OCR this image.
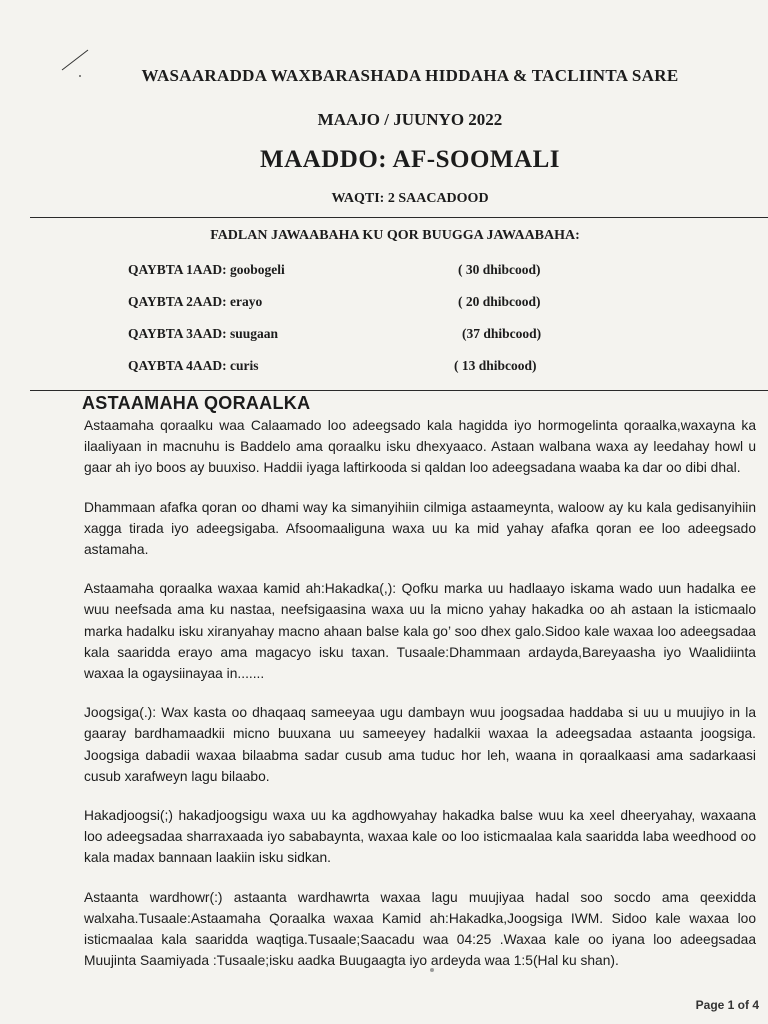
WASAARADDA WAXBARASHADA HIDDAHA & TACLIINTA SARE
MAAJO / JUUNYO 2022
MAADDO: AF-SOOMALI
WAQTI: 2 SAACADOOD
FADLAN JAWAABAHA KU QOR BUUGGA JAWAABAHA:
QAYBTA 1AAD: goobogeli	( 30 dhibcood)
QAYBTA 2AAD: erayo	( 20 dhibcood)
QAYBTA 3AAD: suugaan	(37 dhibcood)
QAYBTA 4AAD: curis	( 13 dhibcood)
ASTAAMAHA QORAALKA

Astaamaha qoraalku waa Calaamado loo adeegsado kala hagidda iyo hormogelinta qoraalka,waxayna ka ilaaliyaan in macnuhu is Baddelo ama qoraalku isku dhexyaaco. Astaan walbana waxa ay leedahay howl u gaar ah iyo boos ay buuxiso. Haddii iyaga laftirkooda si qaldan loo adeegsadana waaba ka dar oo dibi dhal.

Dhammaan afafka qoran oo dhami way ka simanyihiin cilmiga astaameynta, waloow ay ku kala gedisanyihiin xagga tirada iyo adeegsigaba. Afsoomaaliguna waxa uu ka mid yahay afafka qoran ee loo adeegsado astamaha.

Astaamaha qoraalka waxaa kamid ah:Hakadka(,): Qofku marka uu hadlaayo iskama wado uun hadalka ee wuu neefsada ama ku nastaa, neefsigaasina waxa uu la micno yahay hakadka oo ah astaan la isticmaalo marka hadalku isku xiranyahay macno ahaan balse kala go’ soo dhex galo.Sidoo kale waxaa loo adeegsadaa kala saaridda erayo ama magacyo isku taxan. Tusaale:Dhammaan ardayda,Bareyaasha iyo Waalidiinta waxaa la ogaysiinayaa in.......

Joogsiga(.): Wax kasta oo dhaqaaq sameeyaa ugu dambayn wuu joogsadaa haddaba si uu u muujiyo in la gaaray bardhamaadkii micno buuxana uu sameeyey hadalkii waxaa la adeegsadaa astaanta joogsiga. Joogsiga dabadii waxaa bilaabma sadar cusub ama tuduc hor leh, waana in qoraalkaasi ama sadarkaasi cusub xarafweyn lagu bilaabo.

Hakadjoogsi(;) hakadjoogsigu waxa uu ka agdhowyahay hakadka balse wuu ka xeel dheeryahay, waxaana loo adeegsadaa sharraxaada iyo sababaynta, waxaa kale oo loo isticmaalaa kala saaridda laba weedhood oo kala madax bannaan laakiin isku sidkan.

Astaanta wardhowr(:) astaanta wardhawrta waxaa lagu muujiyaa hadal soo socdo ama qeexidda walxaha.Tusaale:Astaamaha Qoraalka waxaa Kamid ah:Hakadka,Joogsiga IWM. Sidoo kale waxaa loo isticmaalaa kala saaridda waqtiga.Tusaale;Saacadu waa 04:25 .Waxaa kale oo iyana loo adeegsadaa Muujinta Saamiyada :Tusaale;isku aadka Buugaagta iyo ardeyda waa 1:5(Hal ku shan).

Page 1 of 4
